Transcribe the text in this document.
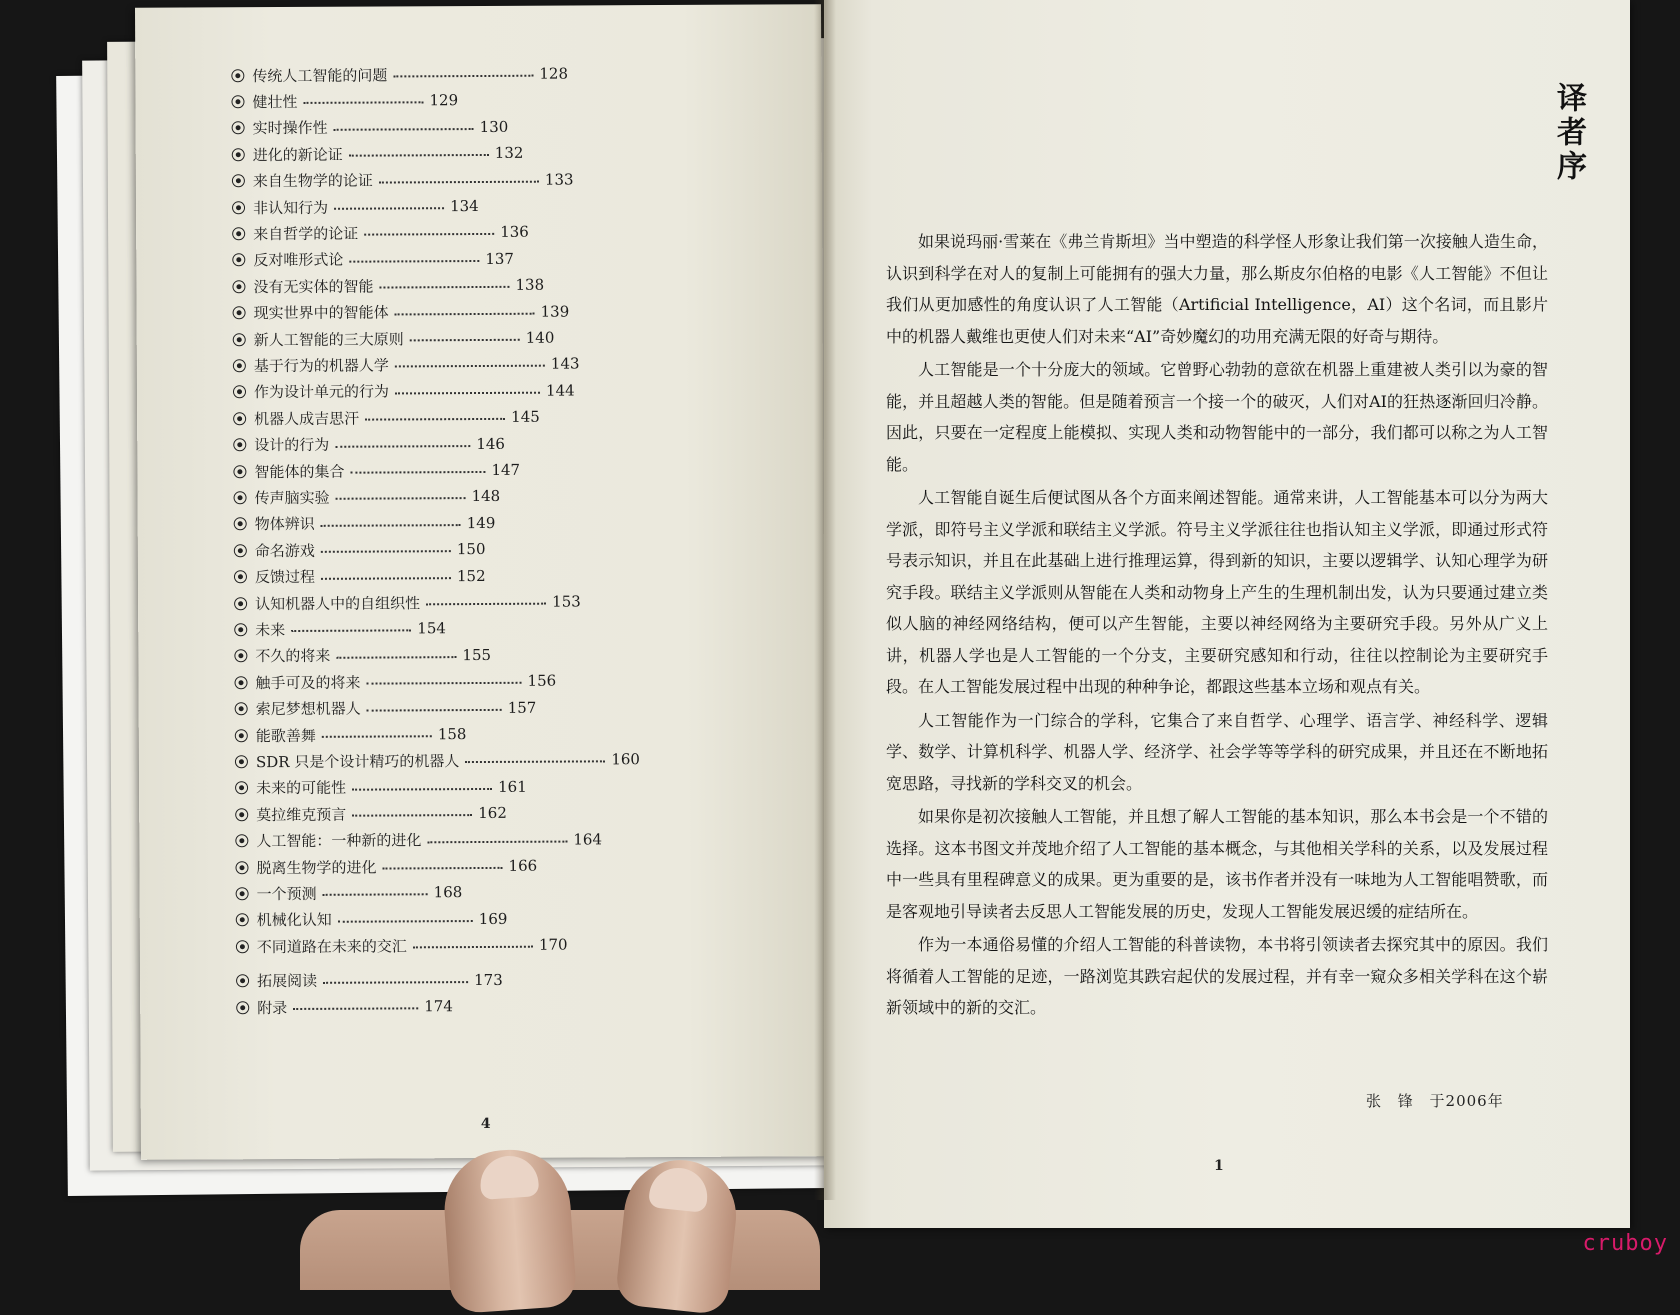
传统人工智能的问题	128
健壮性	129
实时操作性	130
进化的新论证	132
来自生物学的论证	133
非认知行为	134
来自哲学的论证	136
反对唯形式论	137
没有无实体的智能	138
现实世界中的智能体	139
新人工智能的三大原则	140
基于行为的机器人学	143
作为设计单元的行为	144
机器人成吉思汗	145
设计的行为	146
智能体的集合	147
传声脑实验	148
物体辨识	149
命名游戏	150
反馈过程	152
认知机器人中的自组织性	153
未来	154
不久的将来	155
触手可及的将来	156
索尼梦想机器人	157
能歌善舞	158
SDR 只是个设计精巧的机器人	160
未来的可能性	161
莫拉维克预言	162
人工智能：一种新的进化	164
脱离生物学的进化	166
一个预测	168
机械化认知	169
不同道路在未来的交汇	170
拓展阅读	173
附录	174
4
译者序

如果说玛丽·雪莱在《弗兰肯斯坦》当中塑造的科学怪人形象让我们第一次接触人造生命，认识到科学在对人的复制上可能拥有的强大力量，那么斯皮尔伯格的电影《人工智能》不但让我们从更加感性的角度认识了人工智能（Artificial Intelligence，AI）这个名词，而且影片中的机器人戴维也更使人们对未来“AI”奇妙魔幻的功用充满无限的好奇与期待。

人工智能是一个十分庞大的领域。它曾野心勃勃的意欲在机器上重建被人类引以为豪的智能，并且超越人类的智能。但是随着预言一个接一个的破灭，人们对AI的狂热逐渐回归冷静。因此，只要在一定程度上能模拟、实现人类和动物智能中的一部分，我们都可以称之为人工智能。

人工智能自诞生后便试图从各个方面来阐述智能。通常来讲，人工智能基本可以分为两大学派，即符号主义学派和联结主义学派。符号主义学派往往也指认知主义学派，即通过形式符号表示知识，并且在此基础上进行推理运算，得到新的知识，主要以逻辑学、认知心理学为研究手段。联结主义学派则从智能在人类和动物身上产生的生理机制出发，认为只要通过建立类似人脑的神经网络结构，便可以产生智能，主要以神经网络为主要研究手段。另外从广义上讲，机器人学也是人工智能的一个分支，主要研究感知和行动，往往以控制论为主要研究手段。在人工智能发展过程中出现的种种争论，都跟这些基本立场和观点有关。

人工智能作为一门综合的学科，它集合了来自哲学、心理学、语言学、神经科学、逻辑学、数学、计算机科学、机器人学、经济学、社会学等等学科的研究成果，并且还在不断地拓宽思路，寻找新的学科交叉的机会。

如果你是初次接触人工智能，并且想了解人工智能的基本知识，那么本书会是一个不错的选择。这本书图文并茂地介绍了人工智能的基本概念，与其他相关学科的关系，以及发展过程中一些具有里程碑意义的成果。更为重要的是，该书作者并没有一味地为人工智能唱赞歌，而是客观地引导读者去反思人工智能发展的历史，发现人工智能发展迟缓的症结所在。

作为一本通俗易懂的介绍人工智能的科普读物，本书将引领读者去探究其中的原因。我们将循着人工智能的足迹，一路浏览其跌宕起伏的发展过程，并有幸一窥众多相关学科在这个崭新领域中的新的交汇。

张 锋 于2006年
1
cruboy
